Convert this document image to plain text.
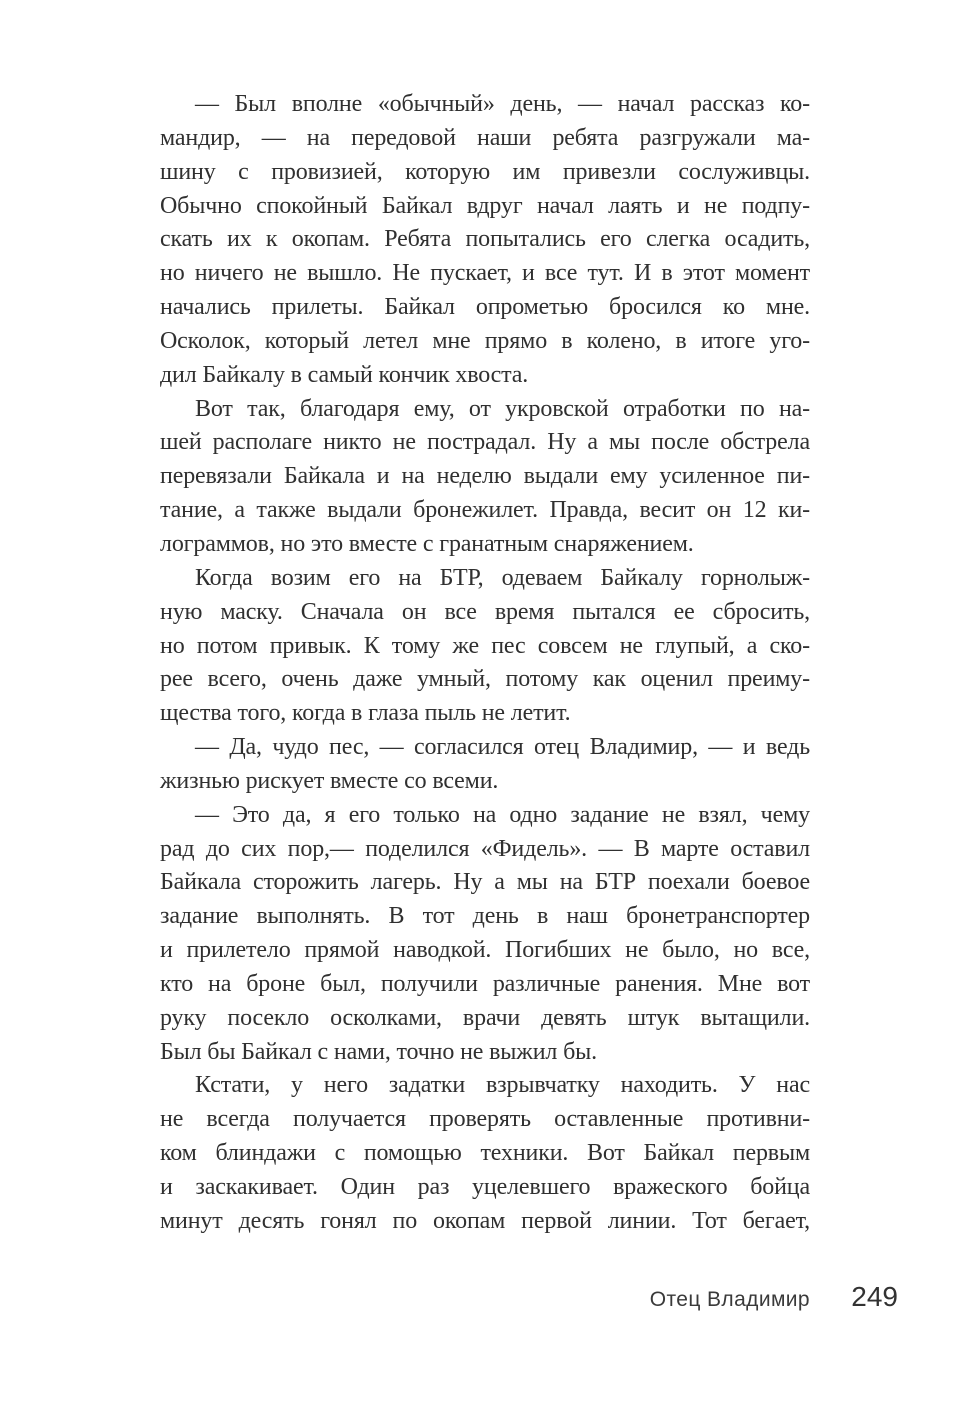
— Был вполне «обычный» день, — начал рассказ ко-
мандир, — на передовой наши ребята разгружали ма-
шину с провизией, которую им привезли сослуживцы.
Обычно спокойный Байкал вдруг начал лаять и не подпу-
скать их к окопам. Ребята попытались его слегка осадить,
но ничего не вышло. Не пускает, и все тут. И в этот момент
начались прилеты. Байкал опрометью бросился ко мне.
Осколок, который летел мне прямо в колено, в итоге уго-
дил Байкалу в самый кончик хвоста.
Вот так, благодаря ему, от укровской отработки по на-
шей располаге никто не пострадал. Ну а мы после обстрела
перевязали Байкала и на неделю выдали ему усиленное пи-
тание, а также выдали бронежилет. Правда, весит он 12 ки-
лограммов, но это вместе с гранатным снаряжением.
Когда возим его на БТР, одеваем Байкалу горнолыж-
ную маску. Сначала он все время пытался ее сбросить,
но потом привык. К тому же пес совсем не глупый, а ско-
рее всего, очень даже умный, потому как оценил преиму-
щества того, когда в глаза пыль не летит.
— Да, чудо пес, — согласился отец Владимир, — и ведь
жизнью рискует вместе со всеми.
— Это да, я его только на одно задание не взял, чему
рад до сих пор,— поделился «Фидель». — В марте оставил
Байкала сторожить лагерь. Ну а мы на БТР поехали боевое
задание выполнять. В тот день в наш бронетранспортер
и прилетело прямой наводкой. Погибших не было, но все,
кто на броне был, получили различные ранения. Мне вот
руку посекло осколками, врачи девять штук вытащили.
Был бы Байкал с нами, точно не выжил бы.
Кстати, у него задатки взрывчатку находить. У нас
не всегда получается проверять оставленные противни-
ком блиндажи с помощью техники. Вот Байкал первым
и заскакивает. Один раз уцелевшего вражеского бойца
минут десять гонял по окопам первой линии. Тот бегает,
Отец Владимир 249
